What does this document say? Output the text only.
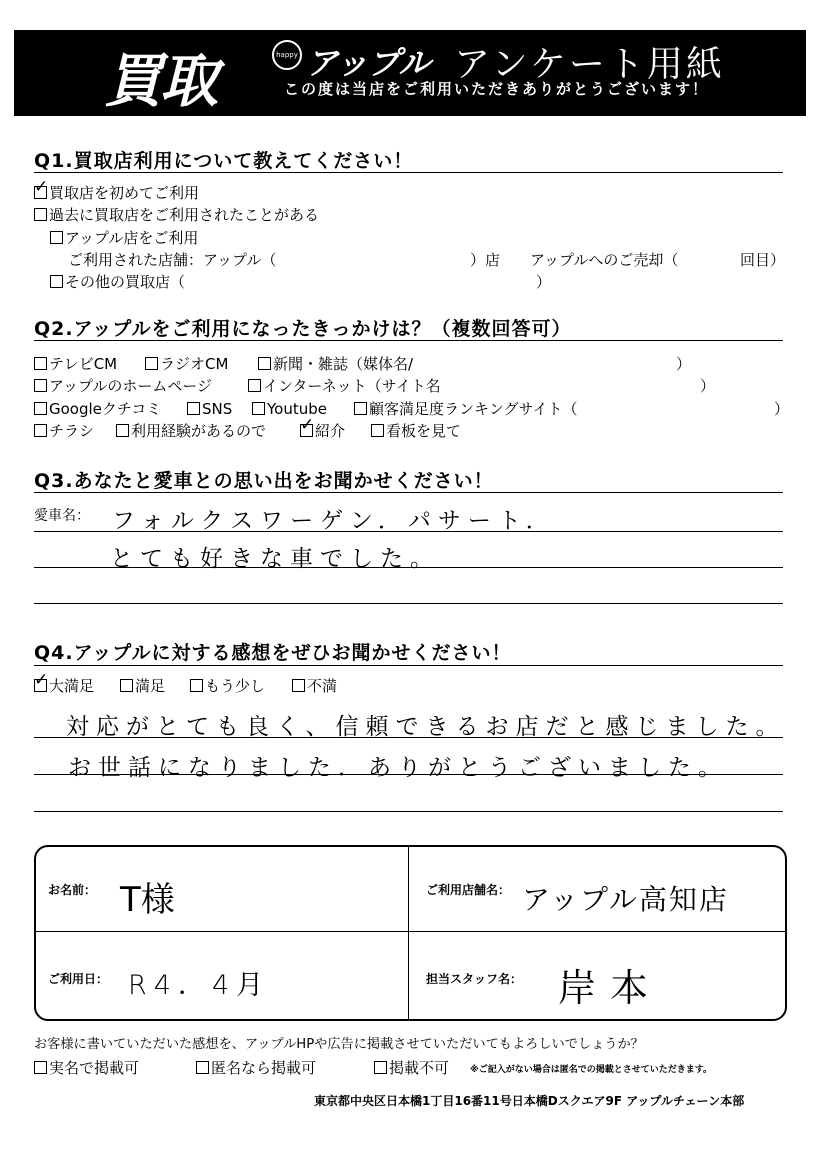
買取	happy アップル アンケート用紙
この度は当店をご利用いただきありがとうございます！
Q1.買取店利用について教えてください！
✓買取店を初めてご利用
過去に買取店をご利用されたことがある
アップル店をご利用
ご利用された店舗：アップル（	）店 アップルへのご売却（	回目）
その他の買取店（	）
Q2.アップルをご利用になったきっかけは？（複数回答可）
テレビCM	ラジオCM	新聞・雑誌（媒体名/	）
アップルのホームページ	インターネット（サイト名	）
Googleクチコミ	SNS	Youtube	顧客満足度ランキングサイト（	）
チラシ	利用経験があるので
✓	紹介	看板を見て
Q3.あなたと愛車との思い出をお聞かせください！
愛車名： フォルクスワーゲン．パサート．
とても好きな車でした。
Q4.アップルに対する感想をぜひお聞かせください！
✓大満足	満足	もう少し	不満
対応がとても良く、信頼できるお店だと感じました。
お世話になりました．ありがとうございました。
お名前： T様	ご利用店舗名： アップル高知店
ご利用日： R4．4月	担当スタッフ名： 岸本
お客様に書いていただいた感想を、アップルHPや広告に掲載させていただいてもよろしいでしょうか？
実名で掲載可	匿名なら掲載可	掲載不可 ※ご記入がない場合は匿名での掲載とさせていただきます。
東京都中央区日本橋1丁目16番11号日本橋Dスクエア9F アップルチェーン本部
